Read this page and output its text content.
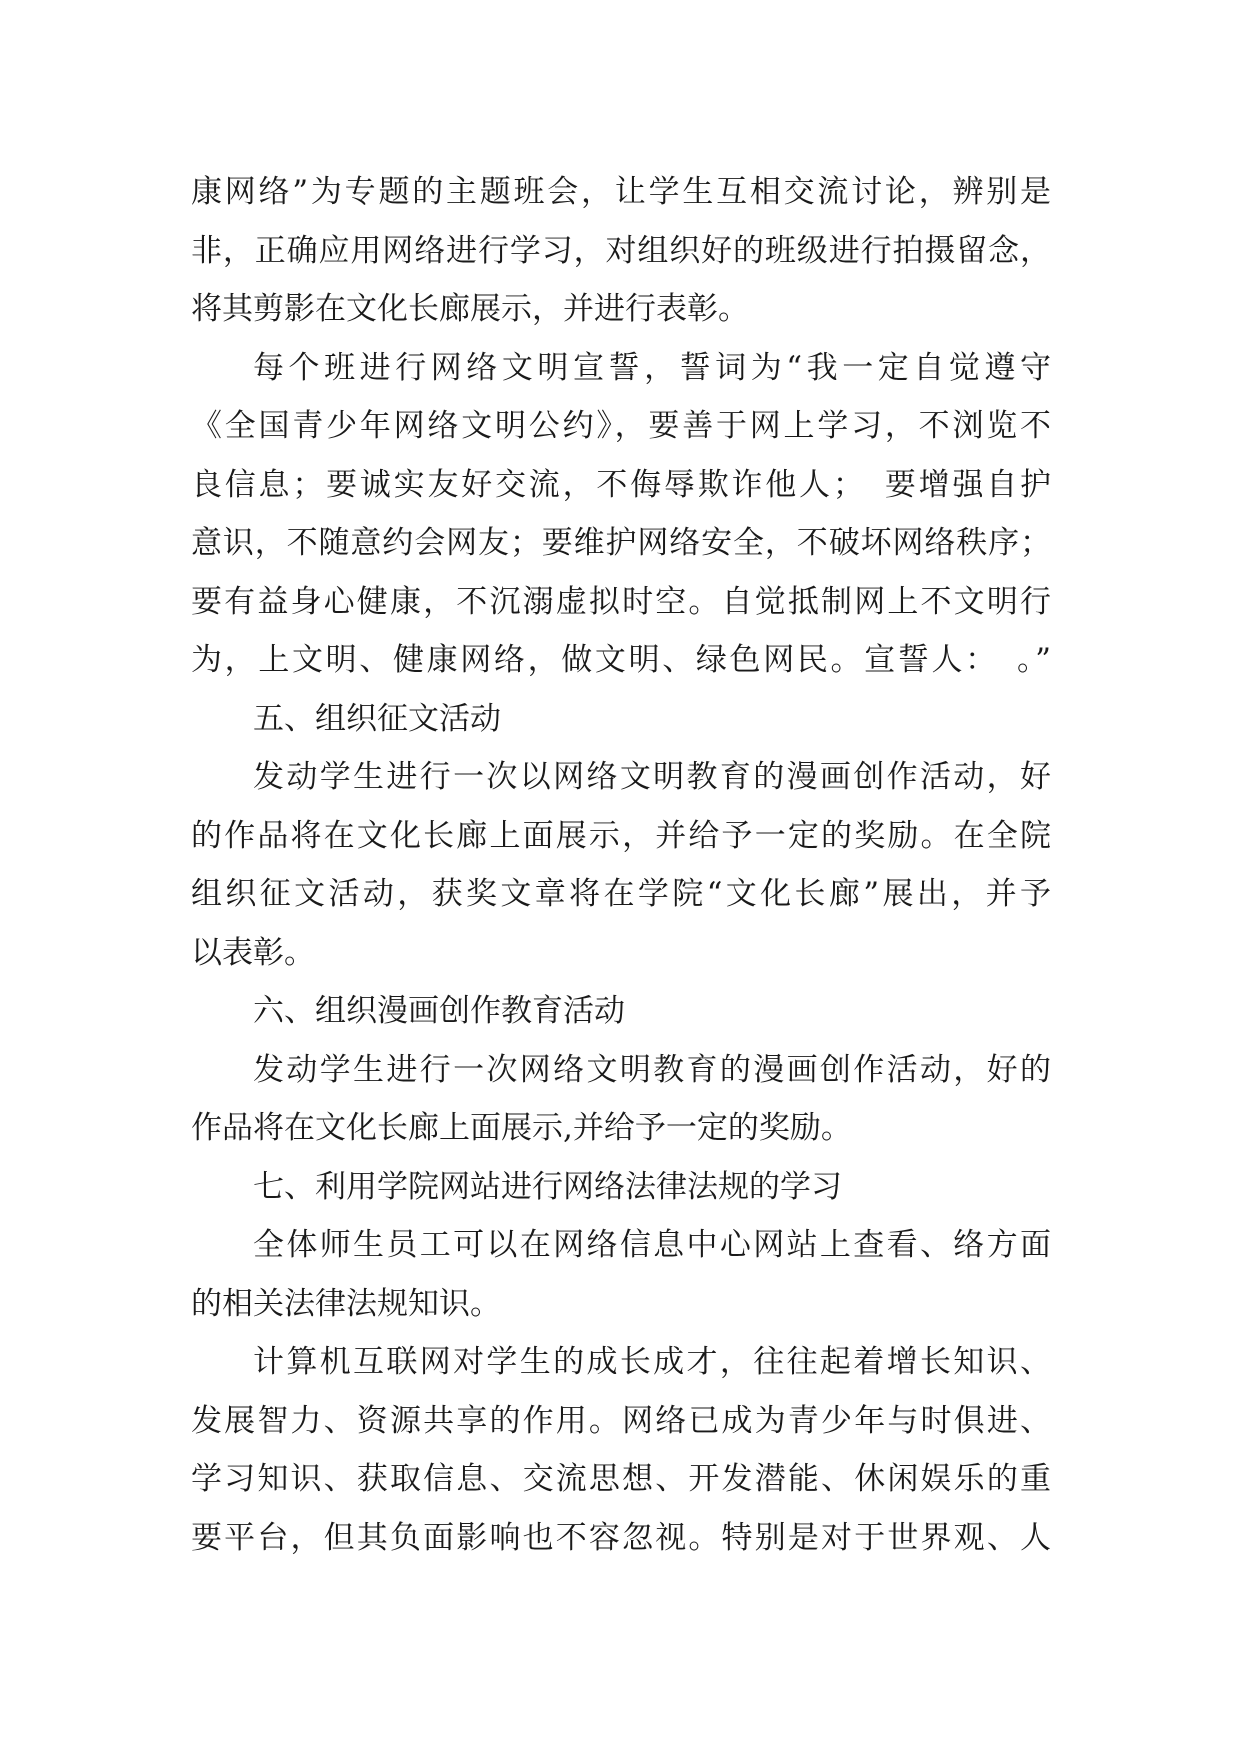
康网络”为专题的主题班会，让学生互相交流讨论，辨别是
非，正确应用网络进行学习，对组织好的班级进行拍摄留念，
将其剪影在文化长廊展示，并进行表彰。
每个班进行网络文明宣誓，誓词为“我一定自觉遵守
《全国青少年网络文明公约》，要善于网上学习，不浏览不
良信息；要诚实友好交流，不侮辱欺诈他人；　要增强自护
意识，不随意约会网友；要维护网络安全，不破坏网络秩序；
要有益身心健康，不沉溺虚拟时空。自觉抵制网上不文明行
为，上文明、健康网络，做文明、绿色网民。宣誓人：　。”
五、组织征文活动
发动学生进行一次以网络文明教育的漫画创作活动，好
的作品将在文化长廊上面展示，并给予一定的奖励。在全院
组织征文活动，获奖文章将在学院“文化长廊”展出，并予
以表彰。
六、组织漫画创作教育活动
发动学生进行一次网络文明教育的漫画创作活动，好的
作品将在文化长廊上面展示,并给予一定的奖励。
七、利用学院网站进行网络法律法规的学习
全体师生员工可以在网络信息中心网站上查看、络方面
的相关法律法规知识。
计算机互联网对学生的成长成才，往往起着增长知识、
发展智力、资源共享的作用。网络已成为青少年与时俱进、
学习知识、获取信息、交流思想、开发潜能、休闲娱乐的重
要平台，但其负面影响也不容忽视。特别是对于世界观、人
